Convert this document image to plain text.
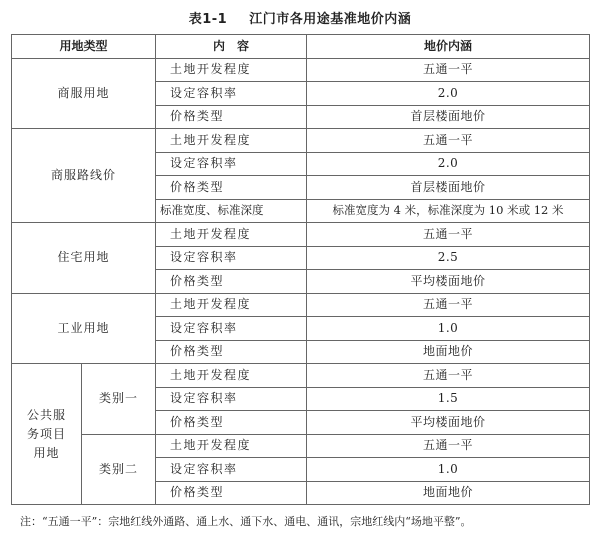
表1-1 江门市各用途基准地价内涵
用地类型		内　容	地价内涵
商服用地		土地开发程度	五通一平
		设定容积率	2.0
		价格类型	首层楼面地价
商服路线价		土地开发程度	五通一平
		设定容积率	2.0
		价格类型	首层楼面地价
		标准宽度、标准深度	标准宽度为 4 米，标准深度为 10 米或 12 米
住宅用地		土地开发程度	五通一平
		设定容积率	2.5
		价格类型	平均楼面地价
工业用地		土地开发程度	五通一平
		设定容积率	1.0
		价格类型	地面地价
公共服
务项目
用地	类别一	土地开发程度	五通一平
		设定容积率	1.5
		价格类型	平均楼面地价
	类别二	土地开发程度	五通一平
		设定容积率	1.0
		价格类型	地面地价
注：“五通一平”：宗地红线外通路、通上水、通下水、通电、通讯，宗地红线内“场地平整”。
